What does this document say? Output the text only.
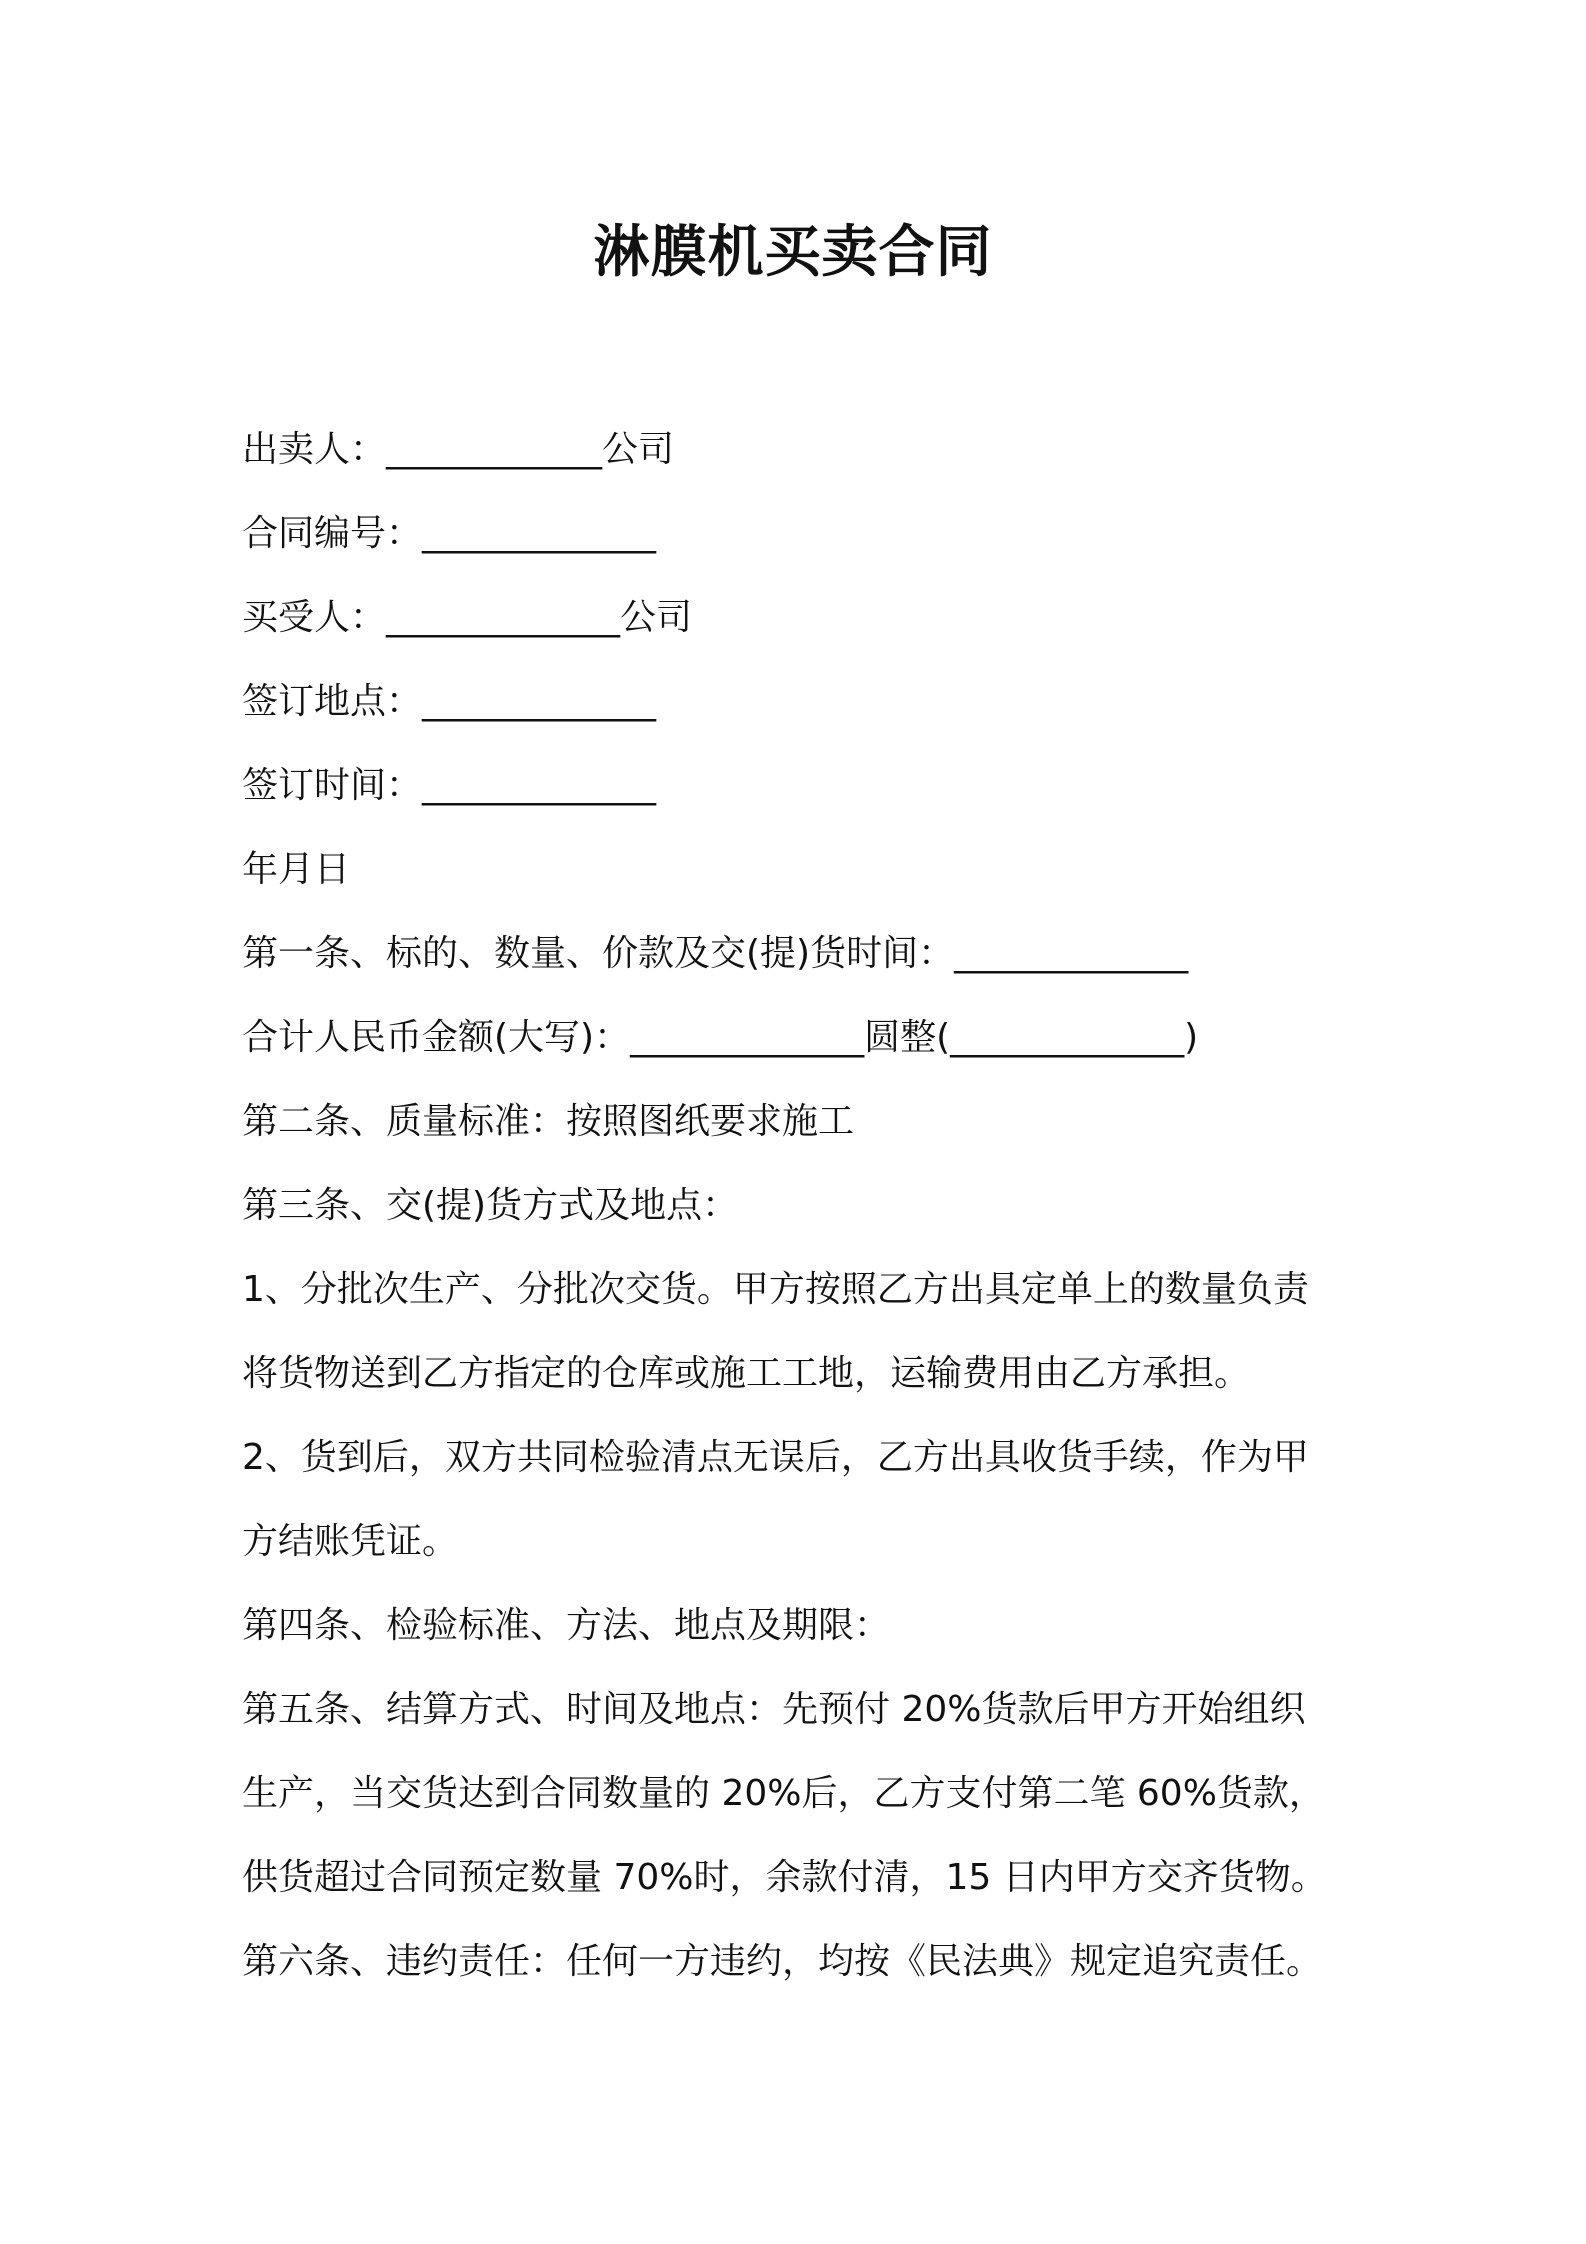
淋膜机买卖合同

出卖人：____________公司

合同编号：_____________

买受人：_____________公司

签订地点：_____________

签订时间：_____________

年月日

第一条、标的、数量、价款及交(提)货时间：_____________

合计人民币金额(大写)：_____________圆整(_____________)

第二条、质量标准：按照图纸要求施工

第三条、交(提)货方式及地点：

1、分批次生产、分批次交货。甲方按照乙方出具定单上的数量负责

将货物送到乙方指定的仓库或施工工地，运输费用由乙方承担。

2、货到后，双方共同检验清点无误后，乙方出具收货手续，作为甲

方结账凭证。

第四条、检验标准、方法、地点及期限：

第五条、结算方式、时间及地点：先预付 20%货款后甲方开始组织

生产，当交货达到合同数量的 20%后，乙方支付第二笔 60%货款，

供货超过合同预定数量 70%时，余款付清，15 日内甲方交齐货物。

第六条、违约责任：任何一方违约，均按《民法典》规定追究责任。
